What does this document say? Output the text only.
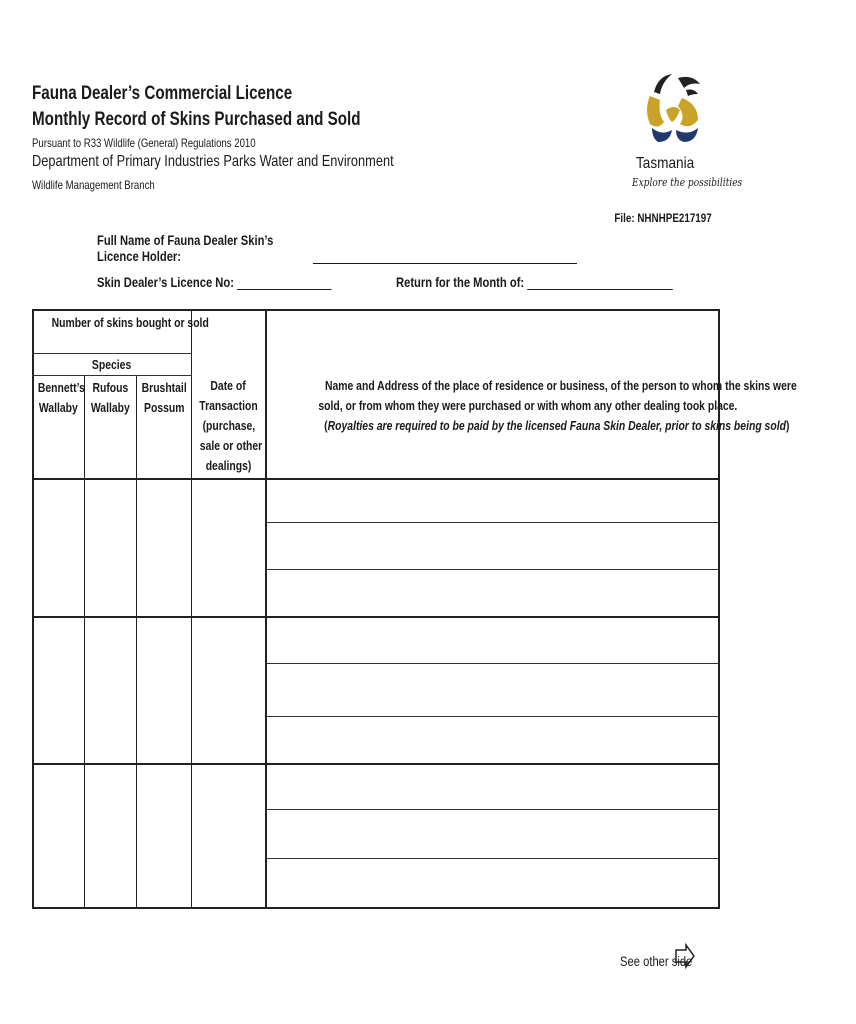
Fauna Dealer’s Commercial Licence
Monthly Record of Skins Purchased and Sold
Pursuant to R33 Wildlife (General) Regulations 2010
Department of Primary Industries Parks Water and Environment
Wildlife Management Branch
File: NHNHPE217197
Tasmania
Explore the possibilities
Full Name of Fauna Dealer Skin’s Licence Holder:
Skin Dealer’s Licence No:	Return for the Month of:
Number of skins bought or sold
Species
Bennett’s
Wallaby
Rufous
Wallaby
Brushtail
Possum
Date of
Transaction
(purchase,
sale or other
dealings)
Name and Address of the place of residence or business, of the person to whom the skins were
sold, or from whom they were purchased or with whom any other dealing took place.
(Royalties are required to be paid by the licensed Fauna Skin Dealer, prior to skins being sold)
See other side
